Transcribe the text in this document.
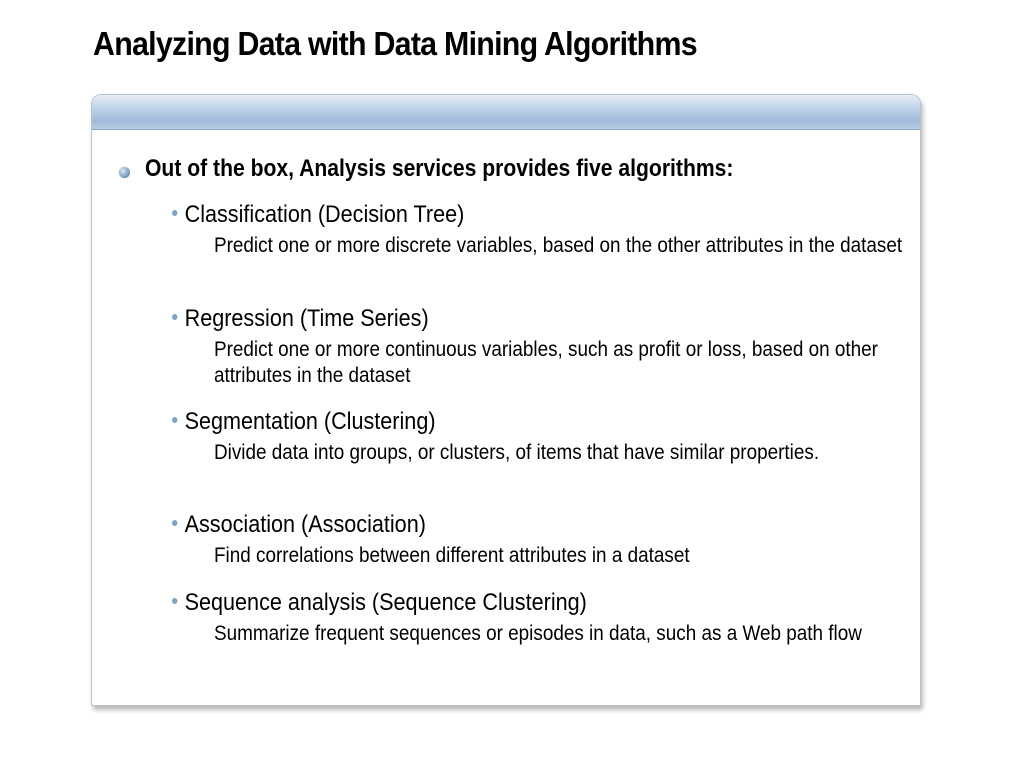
Analyzing Data with Data Mining Algorithms
Out of the box, Analysis services provides five algorithms:
Classification (Decision Tree)
Predict one or more discrete variables, based on the other attributes in the dataset
Regression (Time Series)
Predict one or more continuous variables, such as profit or loss, based on other attributes in the dataset
Segmentation (Clustering)
Divide data into groups, or clusters, of items that have similar properties.
Association (Association)
Find correlations between different attributes in a dataset
Sequence analysis (Sequence Clustering)
Summarize frequent sequences or episodes in data, such as a Web path flow
